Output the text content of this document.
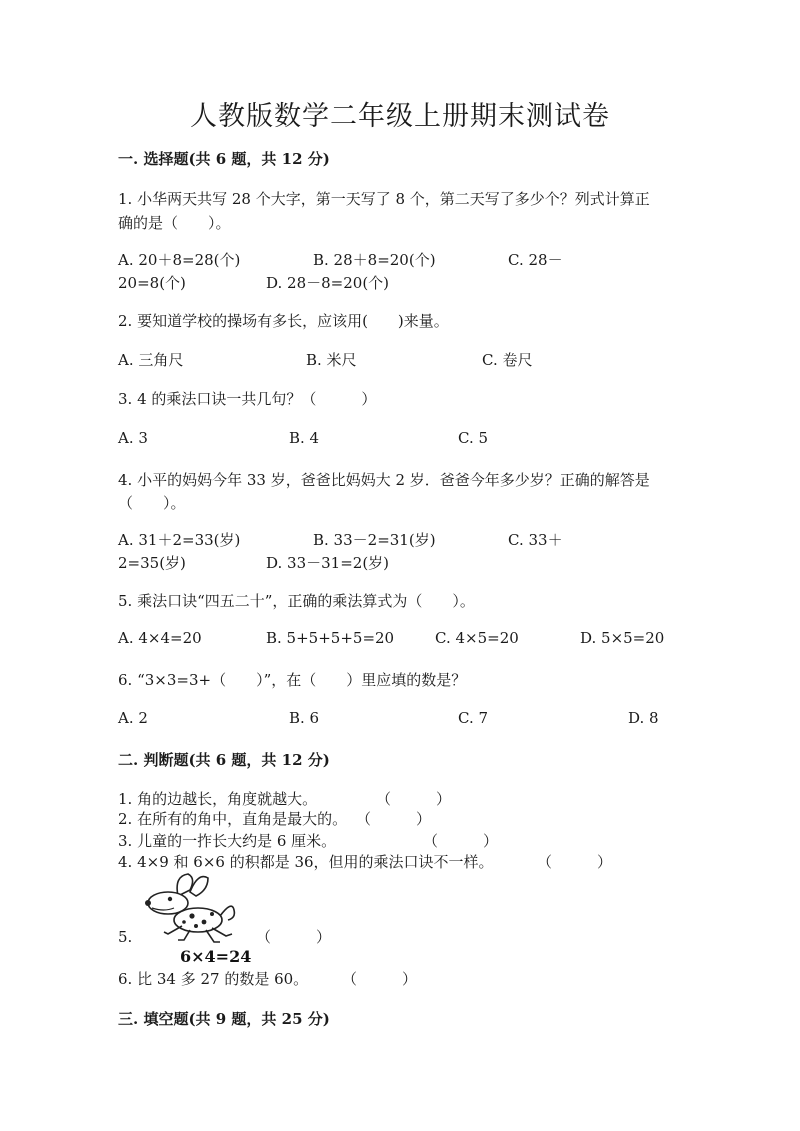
人教版数学二年级上册期末测试卷
一. 选择题(共 6 题，共 12 分)
1. 小华两天共写 28 个大字，第一天写了 8 个，第二天写了多少个？列式计算正
确的是（　　）。
A. 20＋8=28(个)	B. 28＋8=20(个)	C. 28－
20=8(个)	D. 28－8=20(个)
2. 要知道学校的操场有多长，应该用(　　)来量。
A. 三角尺	B. 米尺	C. 卷尺
3. 4 的乘法口诀一共几句？（　　　）
A. 3	B. 4	C. 5
4. 小平的妈妈今年 33 岁，爸爸比妈妈大 2 岁．爸爸今年多少岁？正确的解答是
（　　）。
A. 31＋2=33(岁)	B. 33－2=31(岁)	C. 33＋
2=35(岁)	D. 33－31=2(岁)
5. 乘法口诀“四五二十”，正确的乘法算式为（　　）。
A. 4×4=20	B. 5+5+5+5=20	C. 4×5=20	D. 5×5=20
6. “3×3=3+（　　）”，在（　　）里应填的数是？
A. 2	B. 6	C. 7	D. 8
二. 判断题(共 6 题，共 12 分)
1. 角的边越长，角度就越大。	（　　　）
2. 在所有的角中，直角是最大的。 （　　　）
3. 儿童的一拃长大约是 6 厘米。	（　　　）
4. 4×9 和 6×6 的积都是 36，但用的乘法口诀不一样。	（　　　）
6×4=24
5.	（　　　）
6. 比 34 多 27 的数是 60。 （　　　）
三. 填空题(共 9 题，共 25 分)
